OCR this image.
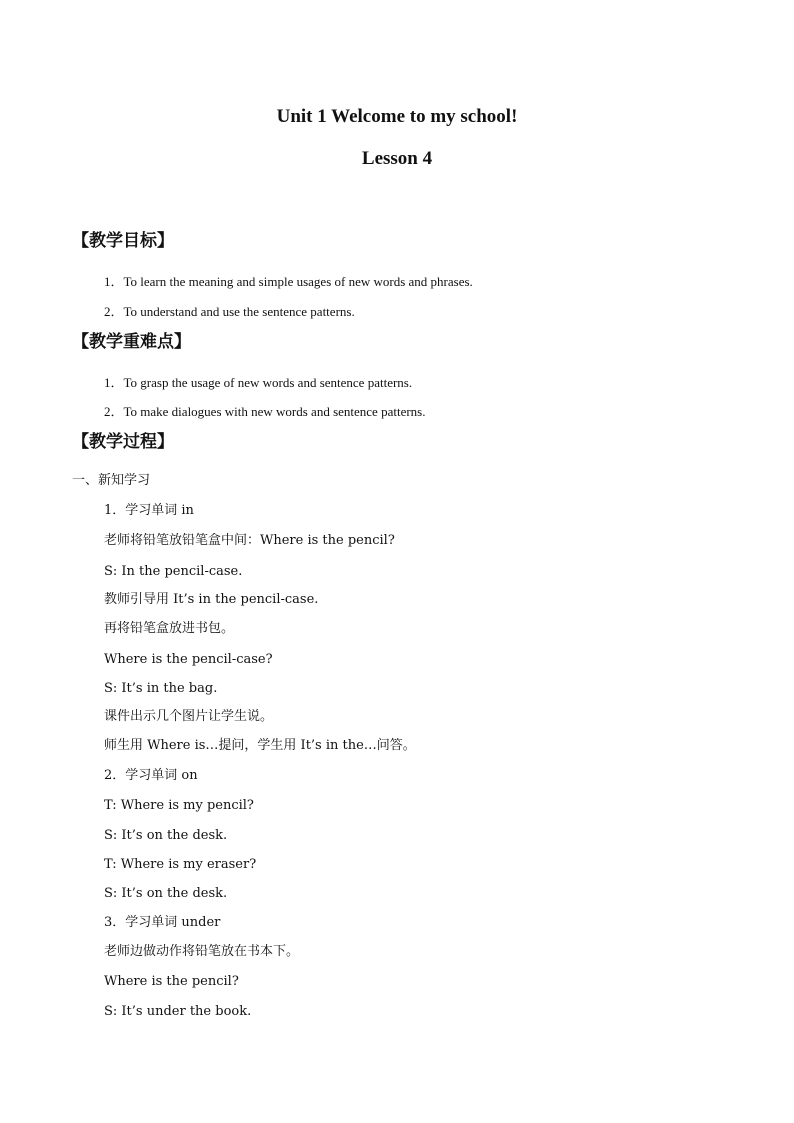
Unit 1 Welcome to my school!
Lesson 4
【教学目标】
1．To learn the meaning and simple usages of new words and phrases.
2．To understand and use the sentence patterns.
【教学重难点】
1．To grasp the usage of new words and sentence patterns.
2．To make dialogues with new words and sentence patterns.
【教学过程】
一、新知学习
1．学习单词 in
老师将铅笔放铅笔盒中间：Where is the pencil?
S: In the pencil-case.
教师引导用 It’s in the pencil-case.
再将铅笔盒放进书包。
Where is the pencil-case?
S: It’s in the bag.
课件出示几个图片让学生说。
师生用 Where is…提问，学生用 It’s in the…问答。
2．学习单词 on
T: Where is my pencil?
S: It’s on the desk.
T: Where is my eraser?
S: It’s on the desk.
3．学习单词 under
老师边做动作将铅笔放在书本下。
Where is the pencil?
S: It’s under the book.
